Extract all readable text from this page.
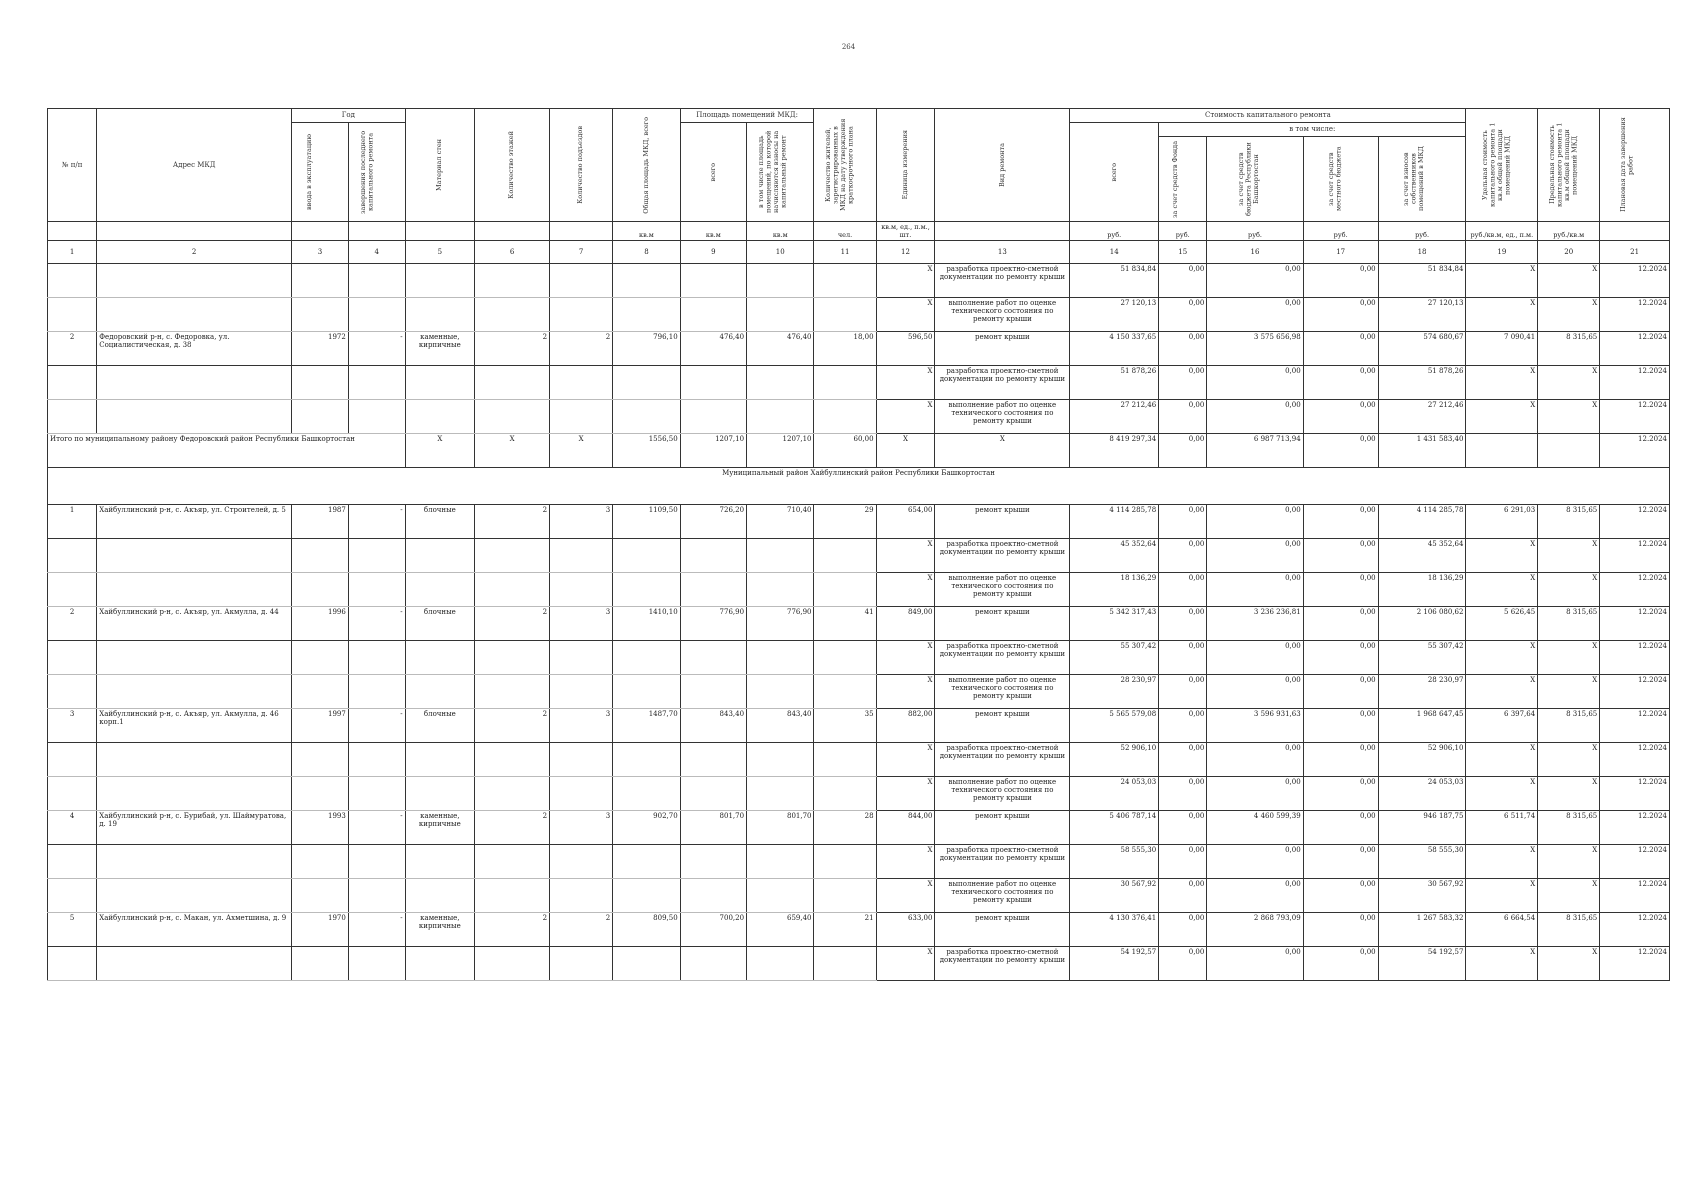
264
№ п/п	Адрес МКД	Год		Материал стен	Количество этажей	Количество подъездов	Общая площадь МКД, всего	Площадь помещений МКД:		Количество жителей, зарегистрированных в МКД на дату утверждения краткосрочного плана	Единица измерения	Вид ремонта	Стоимость капитального ремонта					Удельная стоимость капитального ремонта 1 кв.м общей площади помещений МКД	Предельная стоимость капитального ремонта 1 кв.м общей площади помещений МКД	Плановая дата завершения работ

		ввода в эксплуатацию	завершения последнего капитального ремонта					всего	в том числе площадь помещений, по которой начисляются взносы на капитальный ремонт				всего	в том числе:						

														за счет средств Фонда	за счет средств бюджета Республики Башкортостан	за счет средств местного бюджета	за счет взносов собственников помещений в МКД			

							кв.м	кв.м	кв.м	чел.	кв.м, ед., п.м., шт.		руб.	руб.	руб.	руб.	руб.	руб./кв.м, ед., п.м.	руб./кв.м	
1	2	3	4	5	6	7	8	9	10	11	12	13	14	15	16	17	18	19	20	21
											X	разработка проектно-сметной документации по ремонту крыши	51 834,84	0,00	0,00	0,00	51 834,84	X	X	12.2024
											X	выполнение работ по оценке технического состояния по ремонту крыши	27 120,13	0,00	0,00	0,00	27 120,13	X	X	12.2024
2	Федоровский р-н, с. Федоровка, ул. Социалистическая, д. 38	1972	-	каменные, кирпичные	2	2	796,10	476,40	476,40	18,00	596,50	ремонт крыши	4 150 337,65	0,00	3 575 656,98	0,00	574 680,67	7 090,41	8 315,65	12.2024
											X	разработка проектно-сметной документации по ремонту крыши	51 878,26	0,00	0,00	0,00	51 878,26	X	X	12.2024
											X	выполнение работ по оценке технического состояния по ремонту крыши	27 212,46	0,00	0,00	0,00	27 212,46	X	X	12.2024
Итого по муниципальному району Федоровский район Республики Башкортостан				X	X	X	1556,50	1207,10	1207,10	60,00	X	X	8 419 297,34	0,00	6 987 713,94	0,00	1 431 583,40			12.2024
Муниципальный район Хайбуллинский район Республики Башкортостан																				
1	Хайбуллинский р-н, с. Акъяр, ул. Строителей, д. 5	1987	-	блочные	2	3	1109,50	726,20	710,40	29	654,00	ремонт крыши	4 114 285,78	0,00	0,00	0,00	4 114 285,78	6 291,03	8 315,65	12.2024
											X	разработка проектно-сметной документации по ремонту крыши	45 352,64	0,00	0,00	0,00	45 352,64	X	X	12.2024
											X	выполнение работ по оценке технического состояния по ремонту крыши	18 136,29	0,00	0,00	0,00	18 136,29	X	X	12.2024
2	Хайбуллинский р-н, с. Акъяр, ул. Акмулла, д. 44	1996	-	блочные	2	3	1410,10	776,90	776,90	41	849,00	ремонт крыши	5 342 317,43	0,00	3 236 236,81	0,00	2 106 080,62	5 626,45	8 315,65	12.2024
											X	разработка проектно-сметной документации по ремонту крыши	55 307,42	0,00	0,00	0,00	55 307,42	X	X	12.2024
											X	выполнение работ по оценке технического состояния по ремонту крыши	28 230,97	0,00	0,00	0,00	28 230,97	X	X	12.2024
3	Хайбуллинский р-н, с. Акъяр, ул. Акмулла, д. 46 корп.1	1997	-	блочные	2	3	1487,70	843,40	843,40	35	882,00	ремонт крыши	5 565 579,08	0,00	3 596 931,63	0,00	1 968 647,45	6 397,64	8 315,65	12.2024
											X	разработка проектно-сметной документации по ремонту крыши	52 906,10	0,00	0,00	0,00	52 906,10	X	X	12.2024
											X	выполнение работ по оценке технического состояния по ремонту крыши	24 053,03	0,00	0,00	0,00	24 053,03	X	X	12.2024
4	Хайбуллинский р-н, с. Бурибай, ул. Шаймуратова, д. 19	1993	-	каменные, кирпичные	2	3	902,70	801,70	801,70	28	844,00	ремонт крыши	5 406 787,14	0,00	4 460 599,39	0,00	946 187,75	6 511,74	8 315,65	12.2024
											X	разработка проектно-сметной документации по ремонту крыши	58 555,30	0,00	0,00	0,00	58 555,30	X	X	12.2024
											X	выполнение работ по оценке технического состояния по ремонту крыши	30 567,92	0,00	0,00	0,00	30 567,92	X	X	12.2024
5	Хайбуллинский р-н, с. Макан, ул. Ахметшина, д. 9	1970	-	каменные, кирпичные	2	2	809,50	700,20	659,40	21	633,00	ремонт крыши	4 130 376,41	0,00	2 868 793,09	0,00	1 267 583,32	6 664,54	8 315,65	12.2024
											X	разработка проектно-сметной документации по ремонту крыши	54 192,57	0,00	0,00	0,00	54 192,57	X	X	12.2024
